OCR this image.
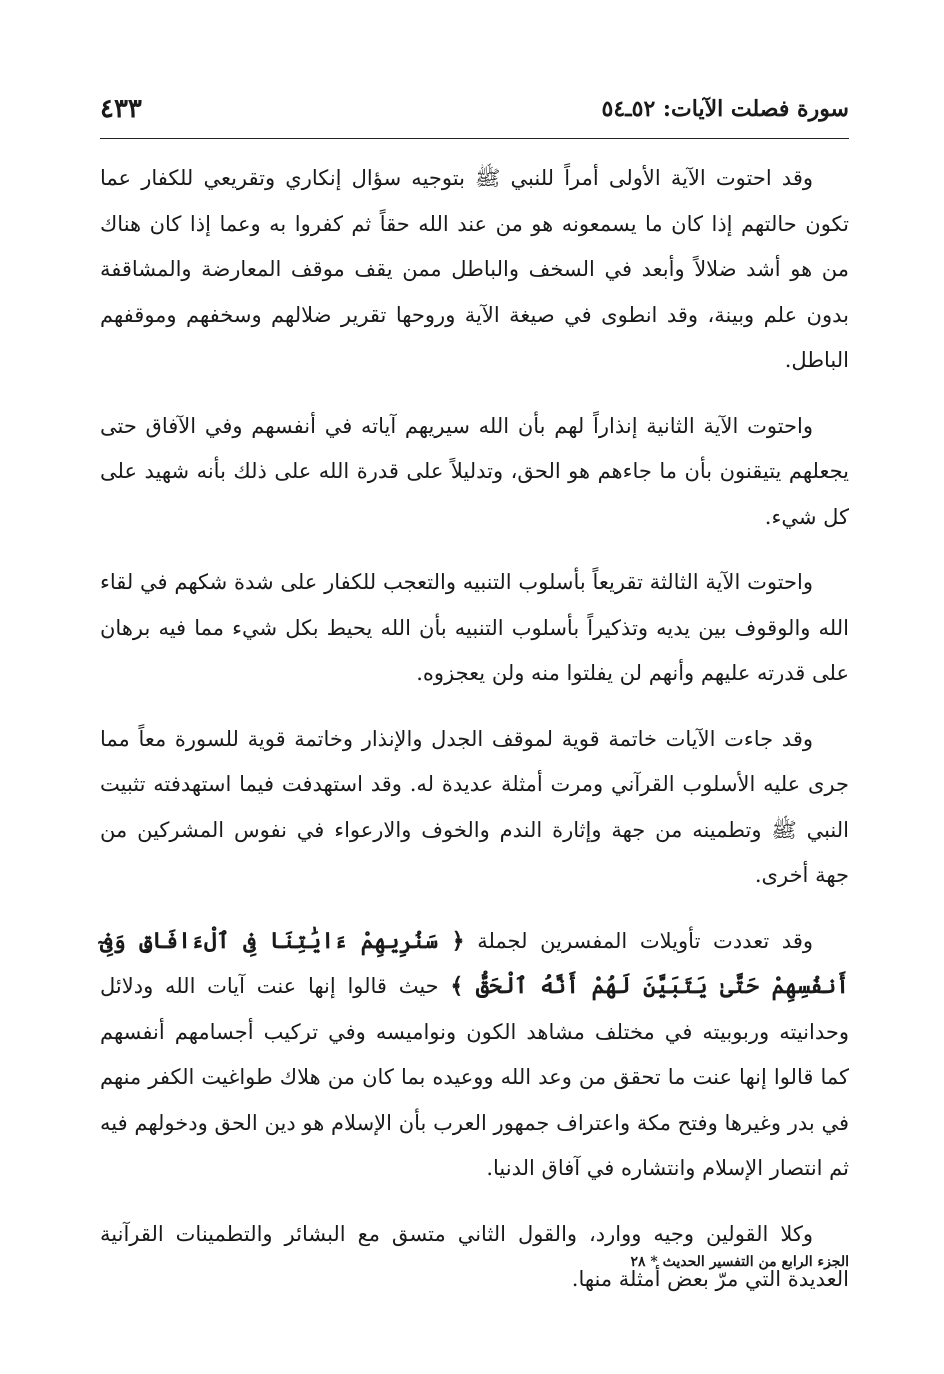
سورة فصلت الآيات: ٥٢ـ٥٤
٤٣٣

وقد احتوت الآية الأولى أمراً للنبي ﷺ بتوجيه سؤال إنكاري وتقريعي للكفار عما تكون حالتهم إذا كان ما يسمعونه هو من عند الله حقاً ثم كفروا به وعما إذا كان هناك من هو أشد ضلالاً وأبعد في السخف والباطل ممن يقف موقف المعارضة والمشاقفة بدون علم وبينة، وقد انطوى في صيغة الآية وروحها تقرير ضلالهم وسخفهم وموقفهم الباطل.

واحتوت الآية الثانية إنذاراً لهم بأن الله سيريهم آياته في أنفسهم وفي الآفاق حتى يجعلهم يتيقنون بأن ما جاءهم هو الحق، وتدليلاً على قدرة الله على ذلك بأنه شهيد على كل شيء.

واحتوت الآية الثالثة تقريعاً بأسلوب التنبيه والتعجب للكفار على شدة شكهم في لقاء الله والوقوف بين يديه وتذكيراً بأسلوب التنبيه بأن الله يحيط بكل شيء مما فيه برهان على قدرته عليهم وأنهم لن يفلتوا منه ولن يعجزوه.

وقد جاءت الآيات خاتمة قوية لموقف الجدل والإنذار وخاتمة قوية للسورة معاً مما جرى عليه الأسلوب القرآني ومرت أمثلة عديدة له. وقد استهدفت فيما استهدفته تثبيت النبي ﷺ وتطمينه من جهة وإثارة الندم والخوف والارعواء في نفوس المشركين من جهة أخرى.

وقد تعددت تأويلات المفسرين لجملة ﴿ سَنُرِيهِمْ ءَايَٰتِنَا فِى ٱلْءَافَاقِ وَفِىٓ أَنفُسِهِمْ حَتَّىٰ يَتَبَيَّنَ لَهُمْ أَنَّهُ ٱلْحَقُّ ﴾ حيث قالوا إنها عنت آيات الله ودلائل وحدانيته وربوبيته في مختلف مشاهد الكون ونواميسه وفي تركيب أجسامهم أنفسهم كما قالوا إنها عنت ما تحقق من وعد الله ووعيده بما كان من هلاك طواغيت الكفر منهم في بدر وغيرها وفتح مكة واعتراف جمهور العرب بأن الإسلام هو دين الحق ودخولهم فيه ثم انتصار الإسلام وانتشاره في آفاق الدنيا.

وكلا القولين وجيه ووارد، والقول الثاني متسق مع البشائر والتطمينات القرآنية العديدة التي مرّ بعض أمثلة منها.

الجزء الرابع من التفسير الحديث * ٢٨
